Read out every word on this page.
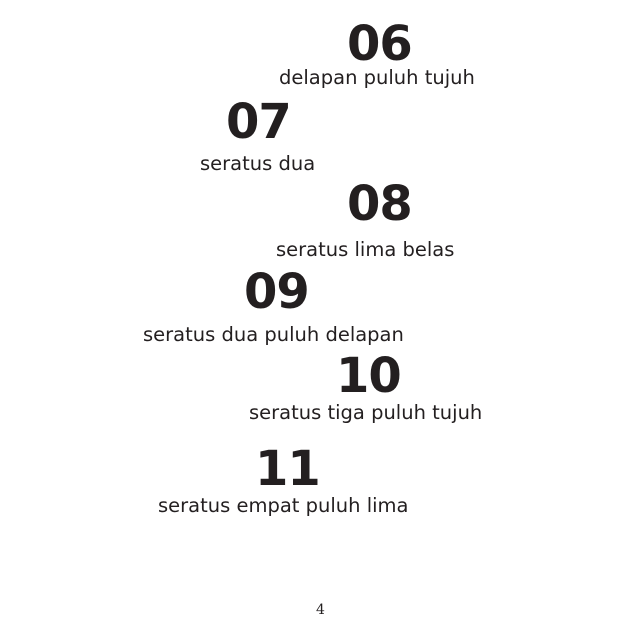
06
delapan puluh tujuh
07
seratus dua
08
seratus lima belas
09
seratus dua puluh delapan
10
seratus tiga puluh tujuh
11
seratus empat puluh lima
4
